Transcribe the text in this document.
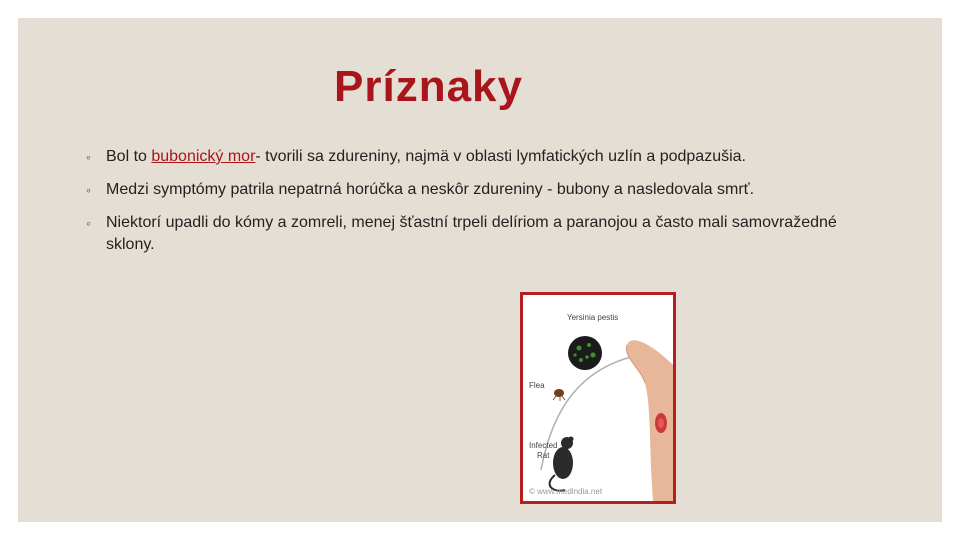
Príznaky
◦ Bol to bubonický mor- tvorili sa zdureniny, najmä v oblasti lymfatických uzlín a podpazušia.
◦ Medzi symptómy patrila nepatrná horúčka a neskôr zdureniny - bubony a nasledovala smrť.
◦ Niektorí upadli do kómy a zomreli, menej šťastní trpeli delíriom a paranojou a často mali samovražedné sklony.
Yersinia pestis
Flea
Infected
Rat
© www.medindia.net
